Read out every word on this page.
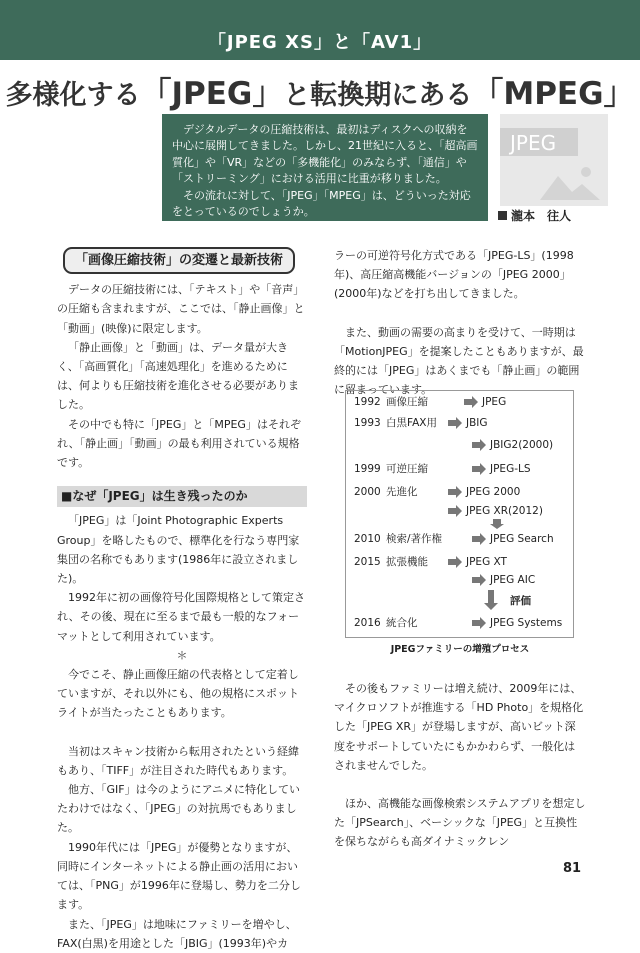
「JPEG XS」と「AV1」
多様化する「JPEG」と転換期にある「MPEG」

デジタルデータの圧縮技術は、最初はディスクへの収納を中心に展開してきました。しかし、21世紀に入ると、「超高画質化」や「VR」などの「多機能化」のみならず、「通信」や「ストリーミング」における活用に比重が移りました。

その流れに対して、「JPEG」「MPEG」は、どういった対応をとっているのでしょうか。

JPEG
瀧本　往人
「画像圧縮技術」の変遷と最新技術

データの圧縮技術には、「テキスト」や「音声」の圧縮も含まれますが、ここでは、「静止画像」と「動画」(映像)に限定します。

「静止画像」と「動画」は、データ量が大きく、「高画質化」「高速処理化」を進めるためには、何よりも圧縮技術を進化させる必要がありました。

その中でも特に「JPEG」と「MPEG」はそれぞれ、「静止画」「動画」の最も利用されている規格です。

■なぜ「JPEG」は生き残ったのか

「JPEG」は「Joint Photographic Experts Group」を略したもので、標準化を行なう専門家集団の名称でもあります(1986年に設立されました)。

1992年に初の画像符号化国際規格として策定され、その後、現在に至るまで最も一般的なフォーマットとして利用されています。

＊

今でこそ、静止画像圧縮の代表格として定着していますが、それ以外にも、他の規格にスポットライトが当たったこともあります。

当初はスキャン技術から転用されたという経緯もあり、「TIFF」が注目された時代もあります。

他方、「GIF」は今のようにアニメに特化していたわけではなく、「JPEG」の対抗馬でもありました。

1990年代には「JPEG」が優勢となりますが、同時にインターネットによる静止画の活用においては、「PNG」が1996年に登場し、勢力を二分します。

また、「JPEG」は地味にファミリーを増やし、FAX(白黒)を用途とした「JBIG」(1993年)やカ

ラーの可逆符号化方式である「JPEG-LS」(1998年)、高圧縮高機能バージョンの「JPEG 2000」(2000年)などを打ち出してきました。

また、動画の需要の高まりを受けて、一時期は「MotionJPEG」を提案したこともありますが、最終的には「JPEG」はあくまでも「静止画」の範囲に留まっています。

1992 画像圧縮	JPEG
1993 白黒FAX用	JBIG
JBIG2(2000)
1999 可逆圧縮	JPEG-LS
2000 先進化	JPEG 2000
JPEG XR(2012)
2010 検索/著作権	JPEG Search
2015 拡張機能	JPEG XT
JPEG AIC
評価
2016 統合化	JPEG Systems
JPEGファミリーの増殖プロセス

その後もファミリーは増え続け、2009年には、マイクロソフトが推進する「HD Photo」を規格化した「JPEG XR」が登場しますが、高いビット深度をサポートしていたにもかかわらず、一般化はされませんでした。

ほか、高機能な画像検索システムアプリを想定した「JPSearch」、ベーシックな「JPEG」と互換性を保ちながらも高ダイナミックレン

81
